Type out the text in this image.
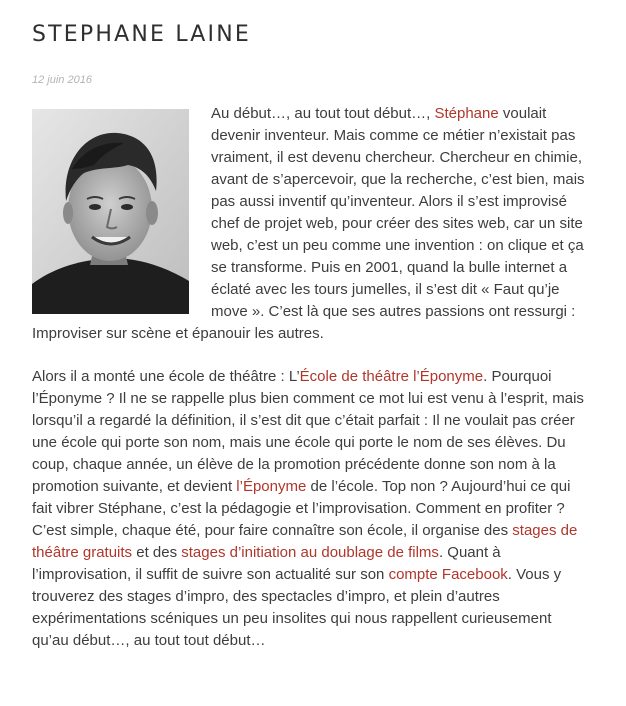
STEPHANE LAINE
12 juin 2016

Au début…, au tout tout début…, Stéphane voulait devenir inventeur. Mais comme ce métier n’existait pas vraiment, il est devenu chercheur. Chercheur en chimie, avant de s’apercevoir, que la recherche, c’est bien, mais pas aussi inventif qu’inventeur. Alors il s’est improvisé chef de projet web, pour créer des sites web, car un site web, c’est un peu comme une invention : on clique et ça se transforme. Puis en 2001, quand la bulle internet a éclaté avec les tours jumelles, il s’est dit « Faut qu’je move ». C’est là que ses autres passions ont ressurgi : Improviser sur scène et épanouir les autres.

Alors il a monté une école de théâtre : L’École de théâtre l’Éponyme. Pourquoi l’Éponyme ? Il ne se rappelle plus bien comment ce mot lui est venu à l’esprit, mais lorsqu’il a regardé la définition, il s’est dit que c’était parfait : Il ne voulait pas créer une école qui porte son nom, mais une école qui porte le nom de ses élèves. Du coup, chaque année, un élève de la promotion précédente donne son nom à la promotion suivante, et devient l’Éponyme de l’école. Top non ? Aujourd’hui ce qui fait vibrer Stéphane, c’est la pédagogie et l’improvisation. Comment en profiter ? C’est simple, chaque été, pour faire connaître son école, il organise des stages de théâtre gratuits et des stages d’initiation au doublage de films. Quant à l’improvisation, il suffit de suivre son actualité sur son compte Facebook. Vous y trouverez des stages d’impro, des spectacles d’impro, et plein d’autres expérimentations scéniques un peu insolites qui nous rappellent curieusement qu’au début…, au tout tout début…
